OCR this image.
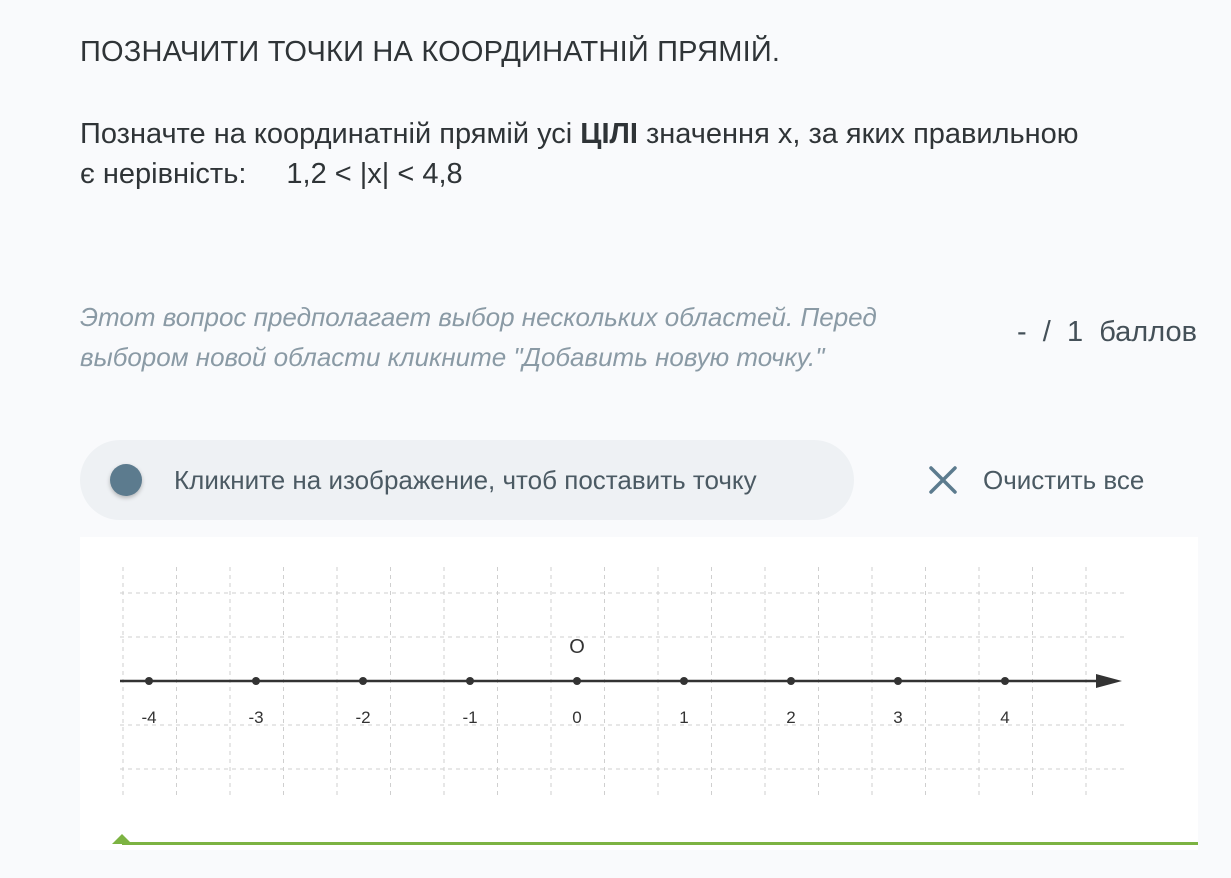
ПОЗНАЧИТИ ТОЧКИ НА КООРДИНАТНІЙ ПРЯМІЙ.
Позначте на координатній прямій усі ЦІЛІ значення x, за яких правильною є нерівність: 1,2 < |x| < 4,8
Этот вопрос предполагает выбор нескольких областей. Перед выбором новой области кликните "Добавить новую точку."
- / 1 баллов
Кликните на изображение, чтоб поставить точку	Очистить все
-4	-3	-2	-1	0	1	2	3	4
O
